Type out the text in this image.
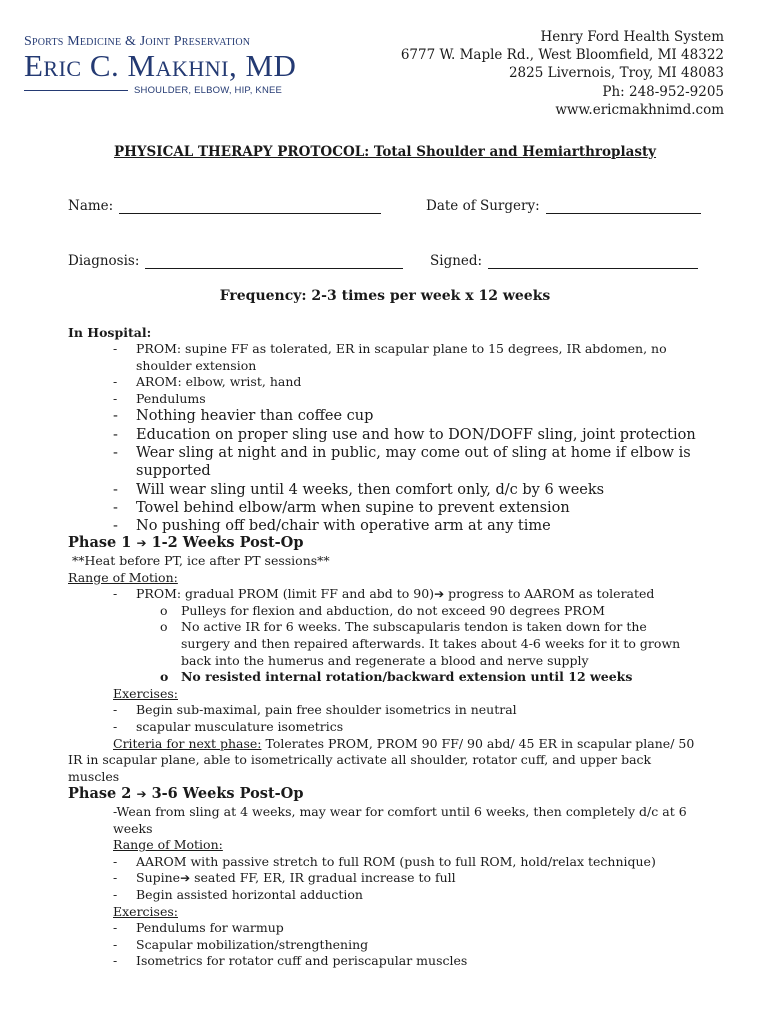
Sports Medicine & Joint Preservation
Eric C. Makhni, MD
SHOULDER, ELBOW, HIP, KNEE
Henry Ford Health System
6777 W. Maple Rd., West Bloomfield, MI 48322
2825 Livernois, Troy, MI 48083
Ph: 248-952-9205
www.ericmakhnimd.com
PHYSICAL THERAPY PROTOCOL: Total Shoulder and Hemiarthroplasty
Name:	Date of Surgery:
Diagnosis:	Signed:
Frequency: 2-3 times per week x 12 weeks
In Hospital:
- PROM: supine FF as tolerated, ER in scapular plane to 15 degrees, IR abdomen, no shoulder extension
- AROM: elbow, wrist, hand
- Pendulums
- Nothing heavier than coffee cup
- Education on proper sling use and how to DON/DOFF sling, joint protection
- Wear sling at night and in public, may come out of sling at home if elbow is supported
- Will wear sling until 4 weeks, then comfort only, d/c by 6 weeks
- Towel behind elbow/arm when supine to prevent extension
- No pushing off bed/chair with operative arm at any time
Phase 1 ➔ 1-2 Weeks Post-Op
**Heat before PT, ice after PT sessions**
Range of Motion:
- PROM: gradual PROM (limit FF and abd to 90)➔ progress to AAROM as tolerated
o Pulleys for flexion and abduction, do not exceed 90 degrees PROM
o No active IR for 6 weeks. The subscapularis tendon is taken down for the surgery and then repaired afterwards. It takes about 4-6 weeks for it to grown back into the humerus and regenerate a blood and nerve supply
o No resisted internal rotation/backward extension until 12 weeks
Exercises:
- Begin sub-maximal, pain free shoulder isometrics in neutral
- scapular musculature isometrics
Criteria for next phase: Tolerates PROM, PROM 90 FF/ 90 abd/ 45 ER in scapular plane/ 50 IR in scapular plane, able to isometrically activate all shoulder, rotator cuff, and upper back muscles
Phase 2 ➔ 3-6 Weeks Post-Op
-Wean from sling at 4 weeks, may wear for comfort until 6 weeks, then completely d/c at 6 weeks
Range of Motion:
- AAROM with passive stretch to full ROM (push to full ROM, hold/relax technique)
- Supine➔ seated FF, ER, IR gradual increase to full
- Begin assisted horizontal adduction
Exercises:
- Pendulums for warmup
- Scapular mobilization/strengthening
- Isometrics for rotator cuff and periscapular muscles
